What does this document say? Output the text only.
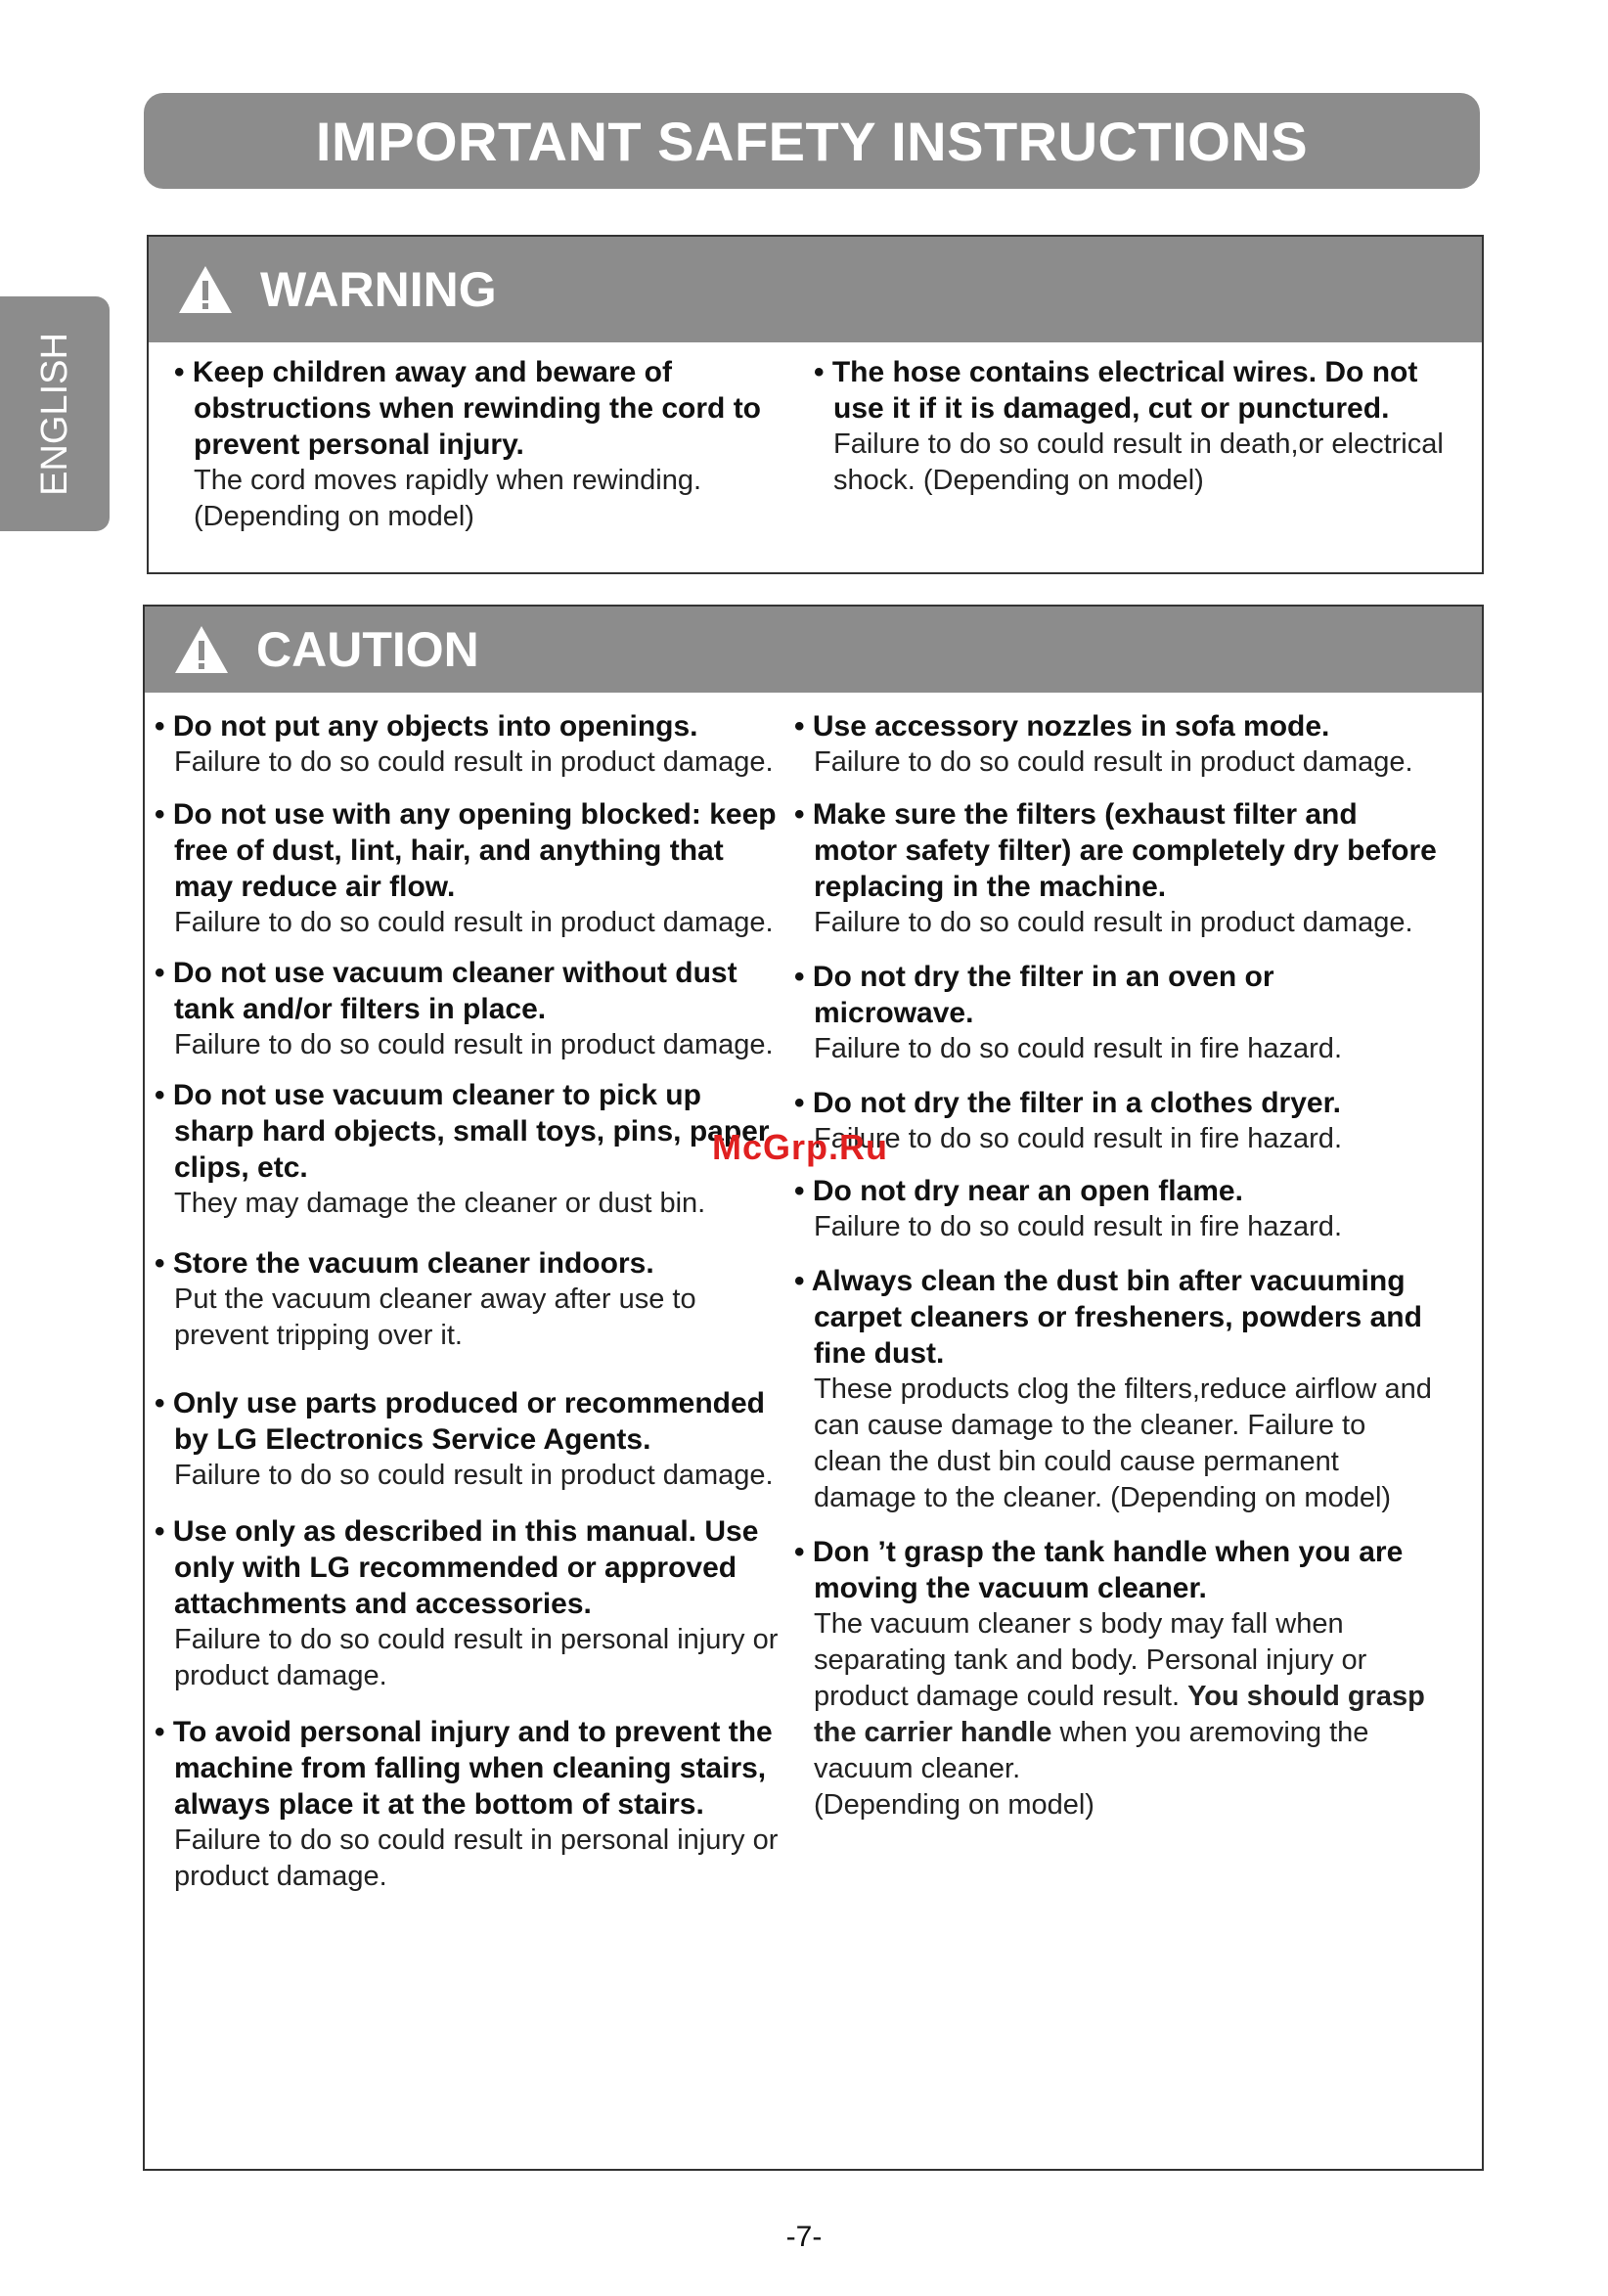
IMPORTANT SAFETY INSTRUCTIONS
ENGLISH
WARNING
• Keep children away and beware of obstructions when rewinding the cord to prevent personal injury.
The cord moves rapidly when rewinding. (Depending on model)
• The hose contains electrical wires. Do not use it if it is damaged, cut or punctured.
Failure to do so could result in death,or electrical shock. (Depending on model)
CAUTION
• Do not put any objects into openings.
Failure to do so could result in product damage.
• Do not use with any opening blocked: keep free of dust, lint, hair, and anything that may reduce air flow.
Failure to do so could result in product damage.
• Do not use vacuum cleaner without dust tank and/or filters in place.
Failure to do so could result in product damage.
• Do not use vacuum cleaner to pick up sharp hard objects, small toys, pins, paper clips, etc.
They may damage the cleaner or dust bin.
• Store the vacuum cleaner indoors.
Put the vacuum cleaner away after use to prevent tripping over it.
• Only use parts produced or recommended by LG Electronics Service Agents.
Failure to do so could result in product damage.
• Use only as described in this manual. Use only with LG recommended or approved attachments and accessories.
Failure to do so could result in personal injury or product damage.
• To avoid personal injury and to prevent the machine from falling when cleaning stairs, always place it at the bottom of stairs.
Failure to do so could result in personal injury or product damage.
• Use accessory nozzles in sofa mode.
Failure to do so could result in product damage.
• Make sure the filters (exhaust filter and motor safety filter) are completely dry before replacing in the machine.
Failure to do so could result in product damage.
• Do not dry the filter in an oven or microwave.
Failure to do so could result in fire hazard.
• Do not dry the filter in a clothes dryer.
Failure to do so could result in fire hazard.
• Do not dry near an open flame.
Failure to do so could result in fire hazard.
• Always clean the dust bin after vacuuming carpet cleaners or fresheners, powders and fine dust.
These products clog the filters,reduce airflow and can cause damage to the cleaner. Failure to clean the dust bin could cause permanent damage to the cleaner. (Depending on model)
• Don ’t grasp the tank handle when you are moving the vacuum cleaner.
The vacuum cleaner s body may fall when separating tank and body. Personal injury or product damage could result. You should grasp the carrier handle when you aremoving the vacuum cleaner.
(Depending on model)
McGrp.Ru
-7-
